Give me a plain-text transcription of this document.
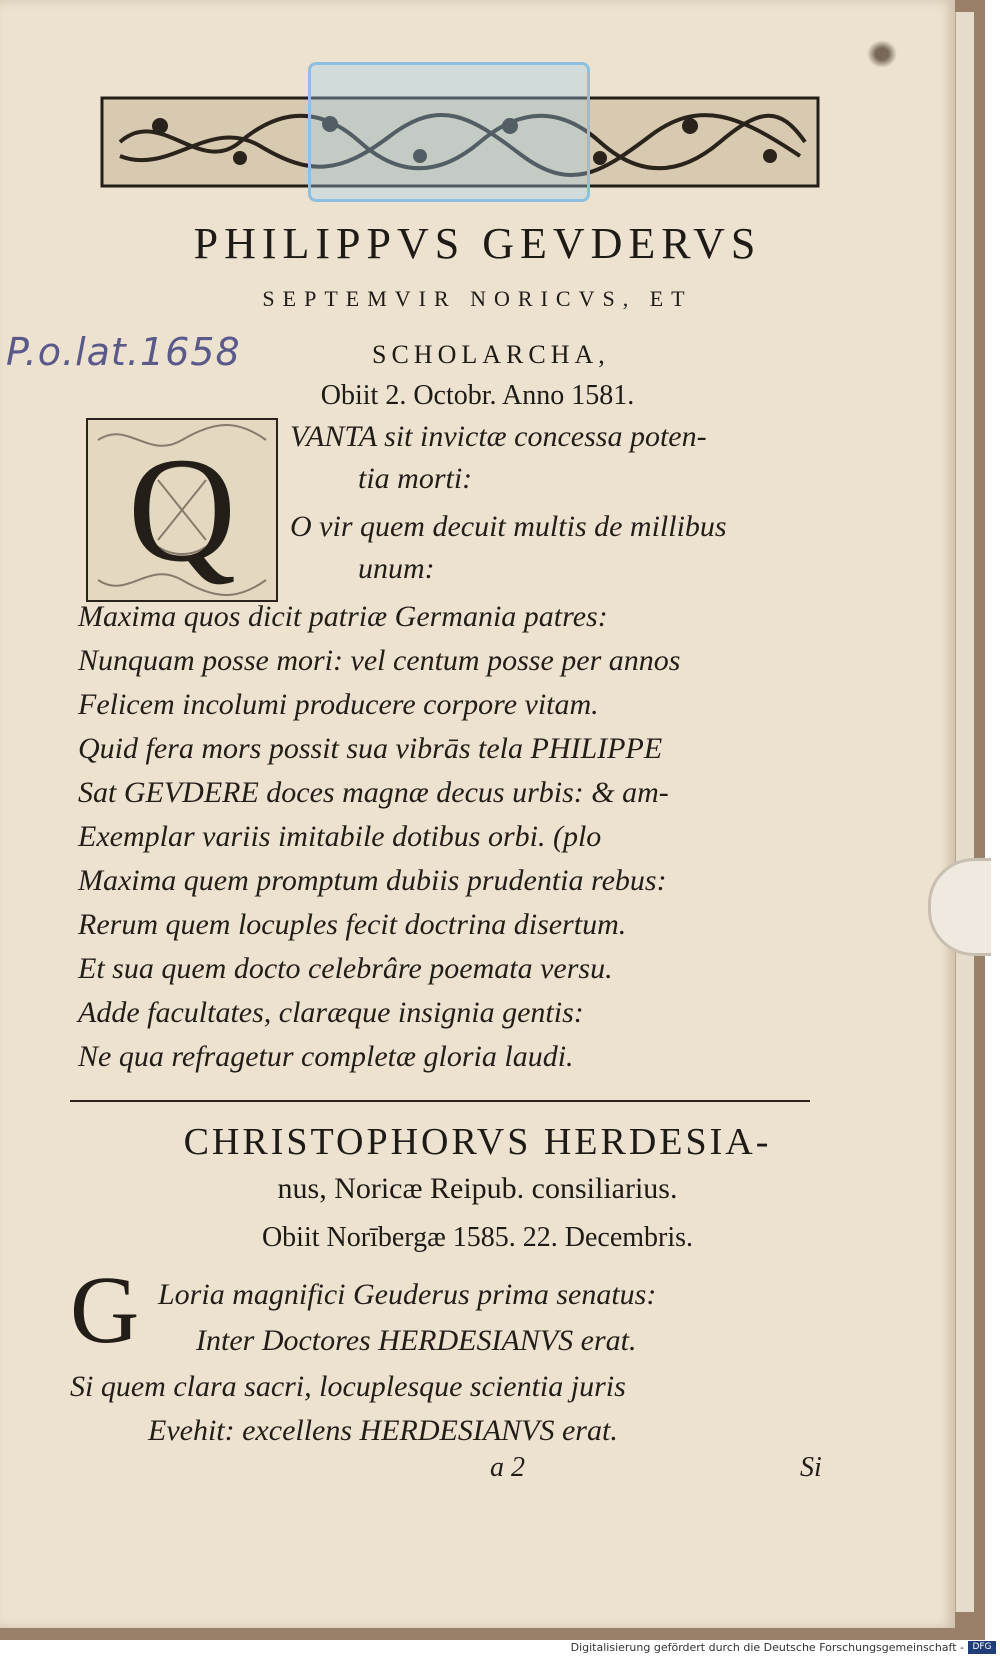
PHILIPPVS GEVDERVS
SEPTEMVIR NORICVS, ET
SCHOLARCHA,
Obiit 2. Octobr. Anno 1581.
P.o.lat.1658
Q	VANTA sit invictæ concessa poten-
tia morti:
O vir quem decuit multis de millibus
unum:
Maxima quos dicit patriæ Germania patres:
Nunquam posse mori: vel centum posse per annos
Felicem incolumi producere corpore vitam.
Quid fera mors possit sua vibrās tela PHILIPPE
Sat GEVDERE doces magnæ decus urbis: & am-
Exemplar variis imitabile dotibus orbi. (plo
Maxima quem promptum dubiis prudentia rebus:
Rerum quem locuples fecit doctrina disertum.
Et sua quem docto celebrâre poemata versu.
Adde facultates, claræque insignia gentis:
Ne qua refragetur completæ gloria laudi.
CHRISTOPHORVS HERDESIA-
nus, Noricæ Reipub. consiliarius.
Obiit Norībergæ 1585. 22. Decembris.
G Loria magnifici Geuderus prima senatus:
Inter Doctores HERDESIANVS erat.
Si quem clara sacri, locuplesque scientia juris
Evehit: excellens HERDESIANVS erat.
a 2	Si
Digitalisierung gefördert durch die Deutsche Forschungsgemeinschaft - DFG
